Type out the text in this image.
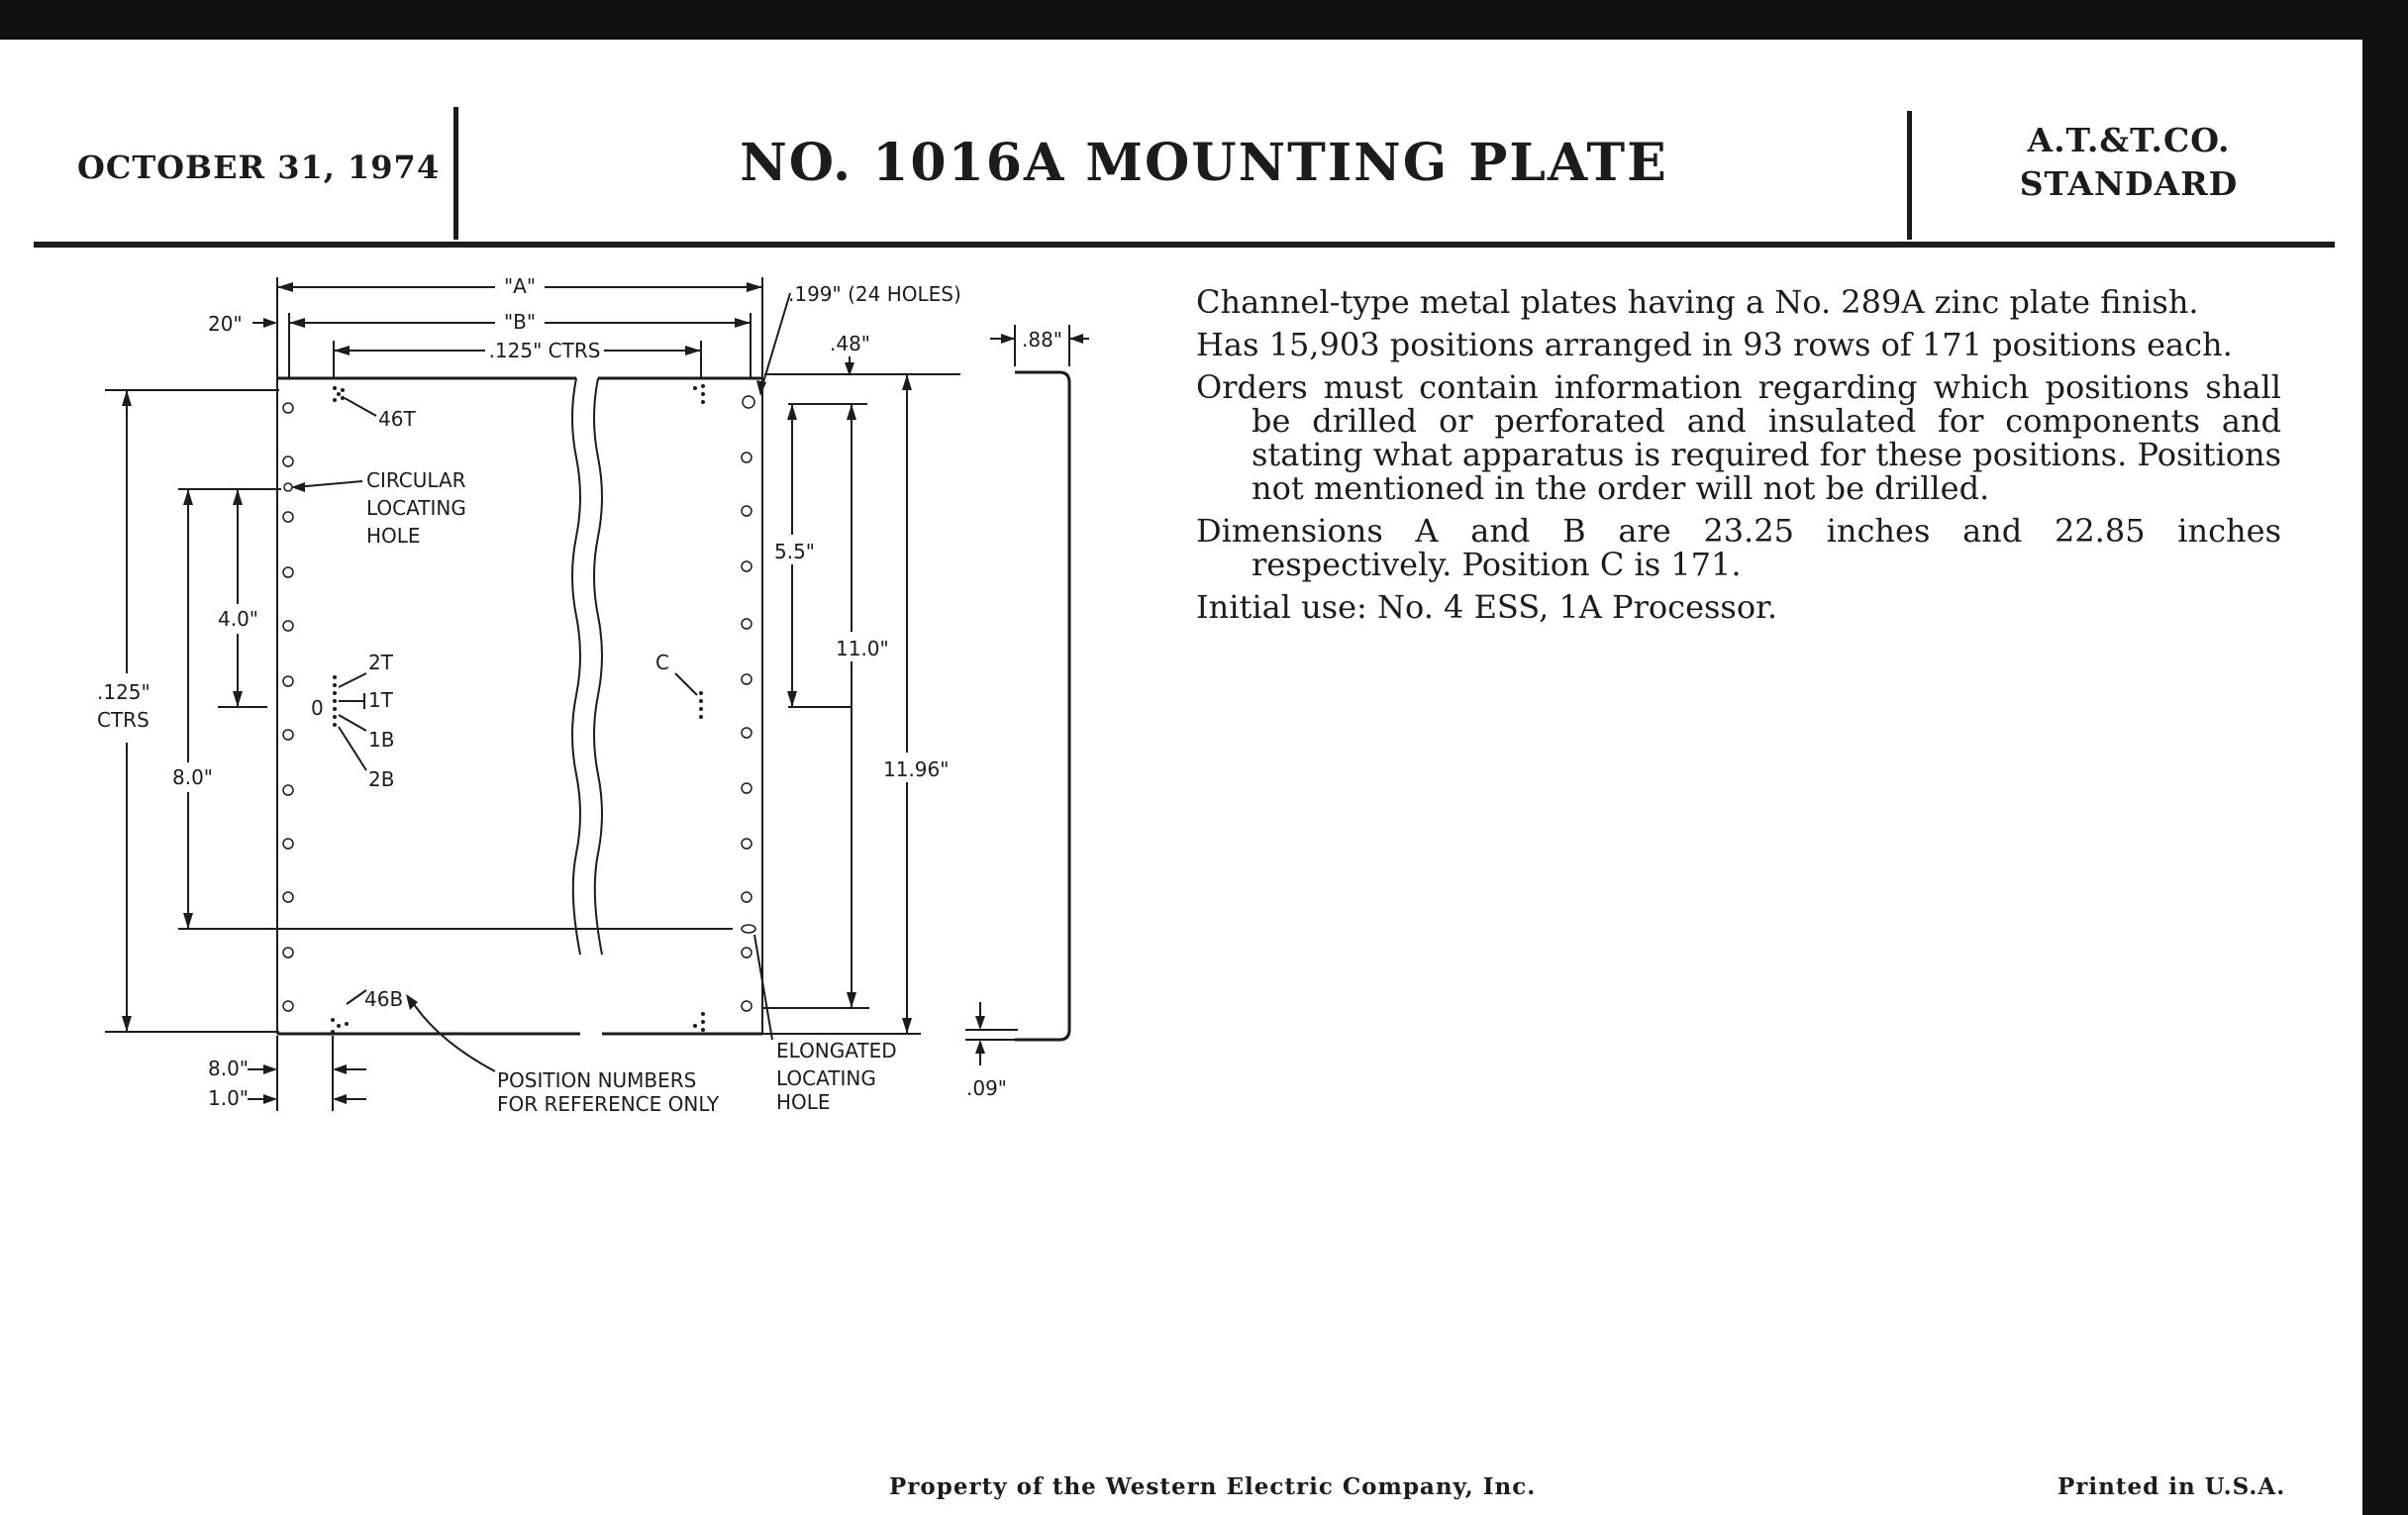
OCTOBER 31, 1974	NO. 1016A MOUNTING PLATE	A.T.&T.CO.
STANDARD
"A"
"B"
20"
.125" CTRS
.199" (24 HOLES)
.48"	.88"
46T
CIRCULAR
LOCATING
HOLE
4.0"
.125"
CTRS
8.0"
2T
1T
1B
2B
0
C
5.5"
11.0"
11.96"
46B
POSITION NUMBERS
FOR REFERENCE ONLY
ELONGATED
LOCATING
HOLE
.09"
8.0"
1.0"

Channel-type metal plates having a No. 289A zinc plate finish.

Has 15,903 positions arranged in 93 rows of 171 positions each.

Orders must contain information regarding which positions shall be drilled or perforated and insulated for components and stating what apparatus is required for these positions. Positions not mentioned in the order will not be drilled.

Dimensions A and B are 23.25 inches and 22.85 inches respectively. Position C is 171.

Initial use: No. 4 ESS, 1A Processor.

Property of the Western Electric Company, Inc.	Printed in U.S.A.
